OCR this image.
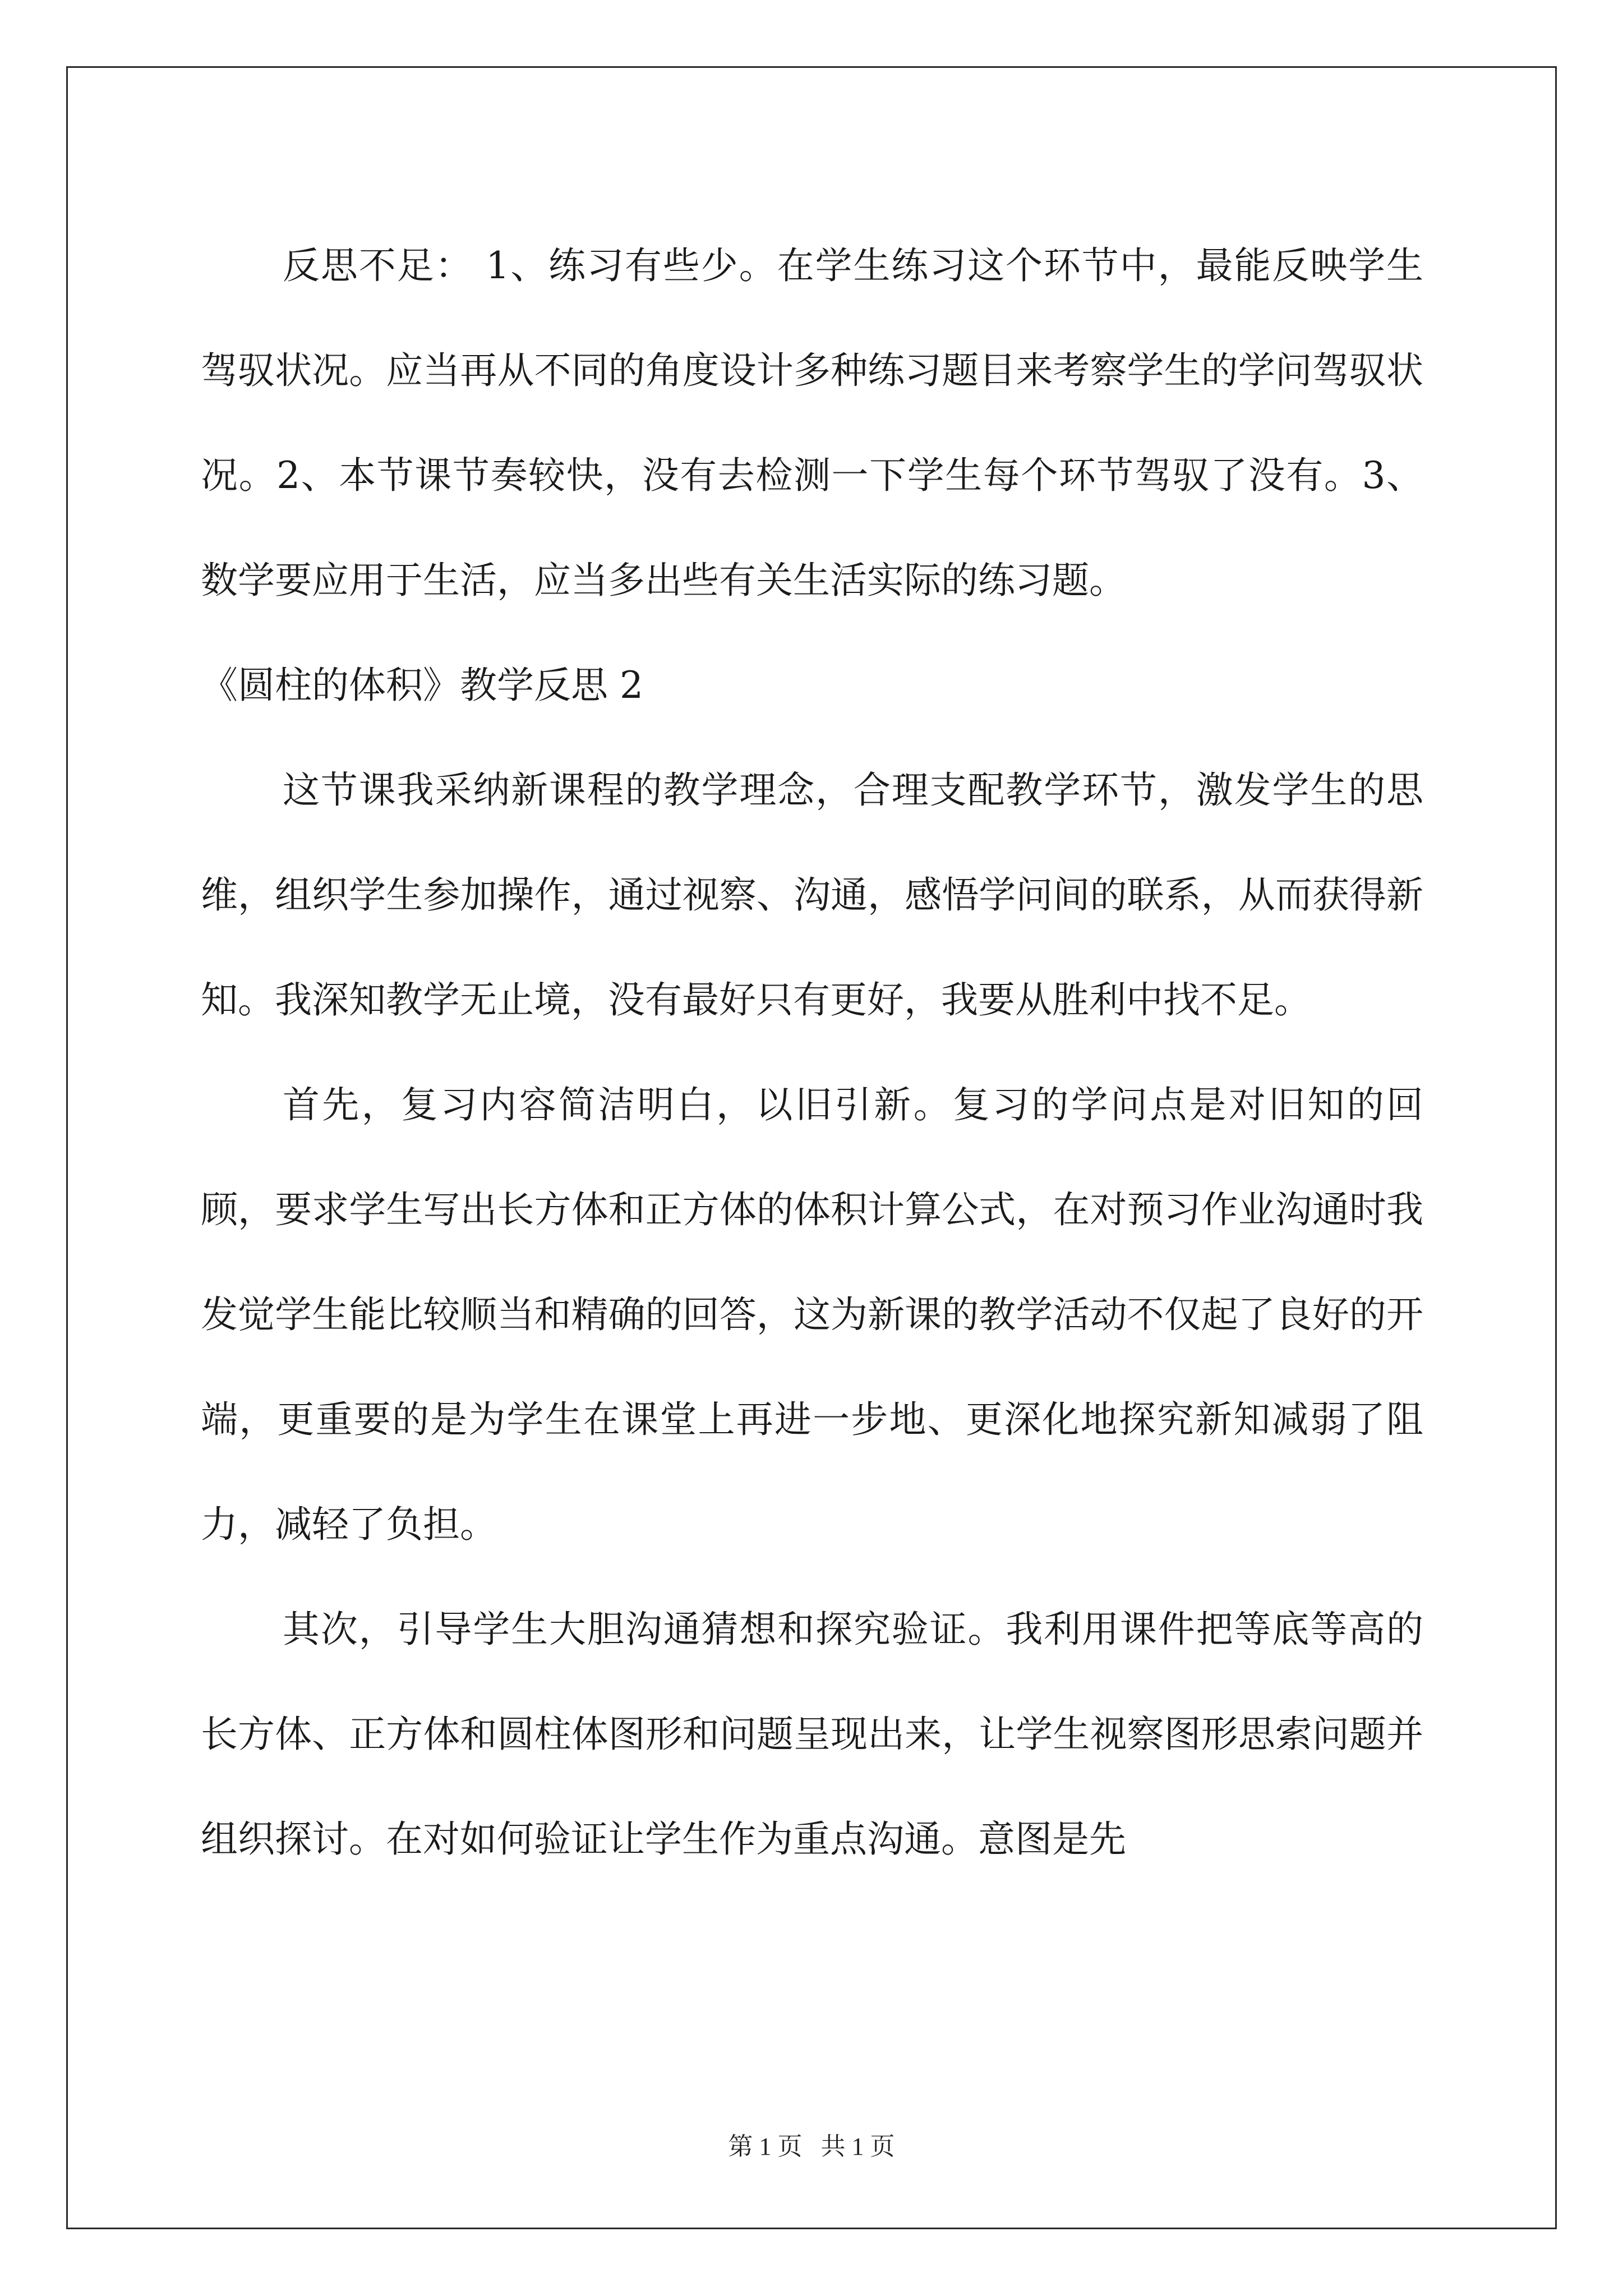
反思不足： 1、练习有些少。在学生练习这个环节中，最能反映学生驾驭状况。应当再从不同的角度设计多种练习题目来考察学生的学问驾驭状况。2、本节课节奏较快，没有去检测一下学生每个环节驾驭了没有。3、数学要应用于生活，应当多出些有关生活实际的练习题。

《圆柱的体积》教学反思 2

这节课我采纳新课程的教学理念，合理支配教学环节，激发学生的思维，组织学生参加操作，通过视察、沟通，感悟学问间的联系，从而获得新知。我深知教学无止境，没有最好只有更好，我要从胜利中找不足。

首先，复习内容简洁明白，以旧引新。复习的学问点是对旧知的回顾，要求学生写出长方体和正方体的体积计算公式，在对预习作业沟通时我发觉学生能比较顺当和精确的回答，这为新课的教学活动不仅起了良好的开端，更重要的是为学生在课堂上再进一步地、更深化地探究新知减弱了阻力，减轻了负担。

其次，引导学生大胆沟通猜想和探究验证。我利用课件把等底等高的长方体、正方体和圆柱体图形和问题呈现出来，让学生视察图形思索问题并组织探讨。在对如何验证让学生作为重点沟通。意图是先

第 1 页 共 1 页
